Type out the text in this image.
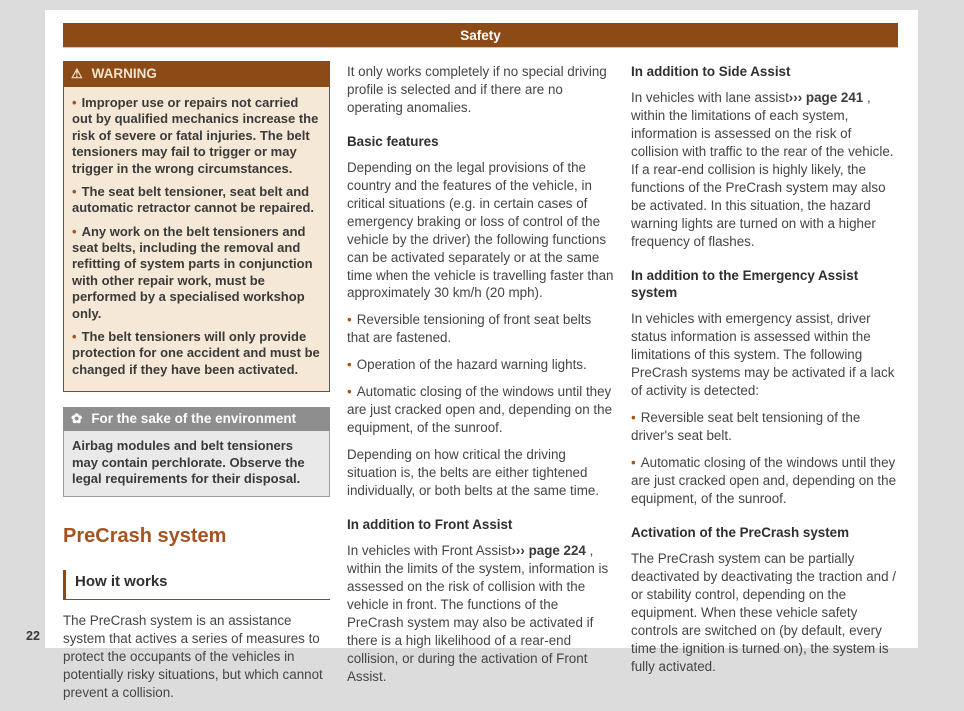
Safety
⚠ WARNING

• Improper use or repairs not carried out by qualified mechanics increase the risk of severe or fatal injuries. The belt tensioners may fail to trigger or may trigger in the wrong circumstances.

• The seat belt tensioner, seat belt and automatic retractor cannot be repaired.

• Any work on the belt tensioners and seat belts, including the removal and refitting of system parts in conjunction with other repair work, must be performed by a specialised workshop only.

• The belt tensioners will only provide protection for one accident and must be changed if they have been activated.

✿ For the sake of the environment

Airbag modules and belt tensioners may contain perchlorate. Observe the legal requirements for their disposal.

PreCrash system
How it works

The PreCrash system is an assistance system that actives a series of measures to protect the occupants of the vehicles in potentially risky situations, but which cannot prevent a collision.

It only works completely if no special driving profile is selected and if there are no operating anomalies.

Basic features

Depending on the legal provisions of the country and the features of the vehicle, in critical situations (e.g. in certain cases of emergency braking or loss of control of the vehicle by the driver) the following functions can be activated separately or at the same time when the vehicle is travelling faster than approximately 30 km/h (20 mph).

• Reversible tensioning of front seat belts that are fastened.

• Operation of the hazard warning lights.

• Automatic closing of the windows until they are just cracked open and, depending on the equipment, of the sunroof.

Depending on how critical the driving situation is, the belts are either tightened individually, or both belts at the same time.

In addition to Front Assist

In vehicles with Front Assist››› page 224 , within the limits of the system, information is assessed on the risk of collision with the vehicle in front. The functions of the PreCrash system may also be activated if there is a high likelihood of a rear-end collision, or during the activation of Front Assist.

In addition to Side Assist

In vehicles with lane assist››› page 241 , within the limitations of each system, information is assessed on the risk of collision with traffic to the rear of the vehicle. If a rear-end collision is highly likely, the functions of the PreCrash system may also be activated. In this situation, the hazard warning lights are turned on with a higher frequency of flashes.

In addition to the Emergency Assist system

In vehicles with emergency assist, driver status information is assessed within the limitations of this system. The following PreCrash systems may be activated if a lack of activity is detected:

• Reversible seat belt tensioning of the driver's seat belt.

• Automatic closing of the windows until they are just cracked open and, depending on the equipment, of the sunroof.

Activation of the PreCrash system

The PreCrash system can be partially deactivated by deactivating the traction and / or stability control, depending on the equipment. When these vehicle safety controls are switched on (by default, every time the ignition is turned on), the system is fully activated.

22
